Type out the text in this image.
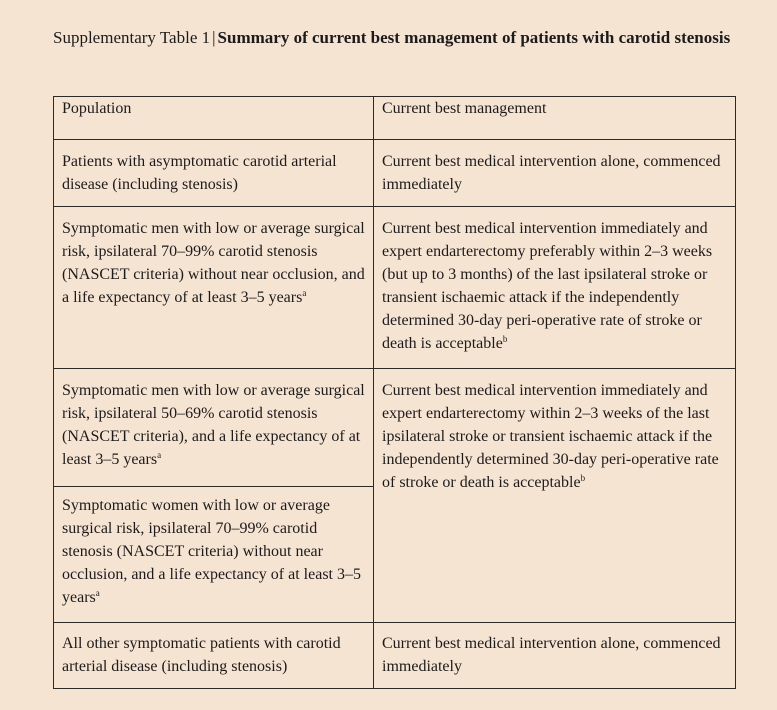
Supplementary Table 1 | Summary of current best management of patients with carotid stenosis
Population	Current best management
Patients with asymptomatic carotid arterial disease (including stenosis)	Current best medical intervention alone, commenced immediately
Symptomatic men with low or average surgical risk, ipsilateral 70–99% carotid stenosis (NASCET criteria) without near occlusion, and a life expectancy of at least 3–5 years$^a$	Current best medical intervention immediately and expert endarterectomy preferably within 2–3 weeks (but up to 3 months) of the last ipsilateral stroke or transient ischaemic attack if the independently determined 30-day peri-operative rate of stroke or death is acceptable$^b$
Symptomatic men with low or average surgical risk, ipsilateral 50–69% carotid stenosis (NASCET criteria), and a life expectancy of at least 3–5 years$^a$	Current best medical intervention immediately and expert endarterectomy within 2–3 weeks of the last ipsilateral stroke or transient ischaemic attack if the independently determined 30-day peri-operative rate of stroke or death is acceptable$^b$
Symptomatic women with low or average surgical risk, ipsilateral 70–99% carotid stenosis (NASCET criteria) without near occlusion, and a life expectancy of at least 3–5 years$^a$
All other symptomatic patients with carotid arterial disease (including stenosis)	Current best medical intervention alone, commenced immediately
